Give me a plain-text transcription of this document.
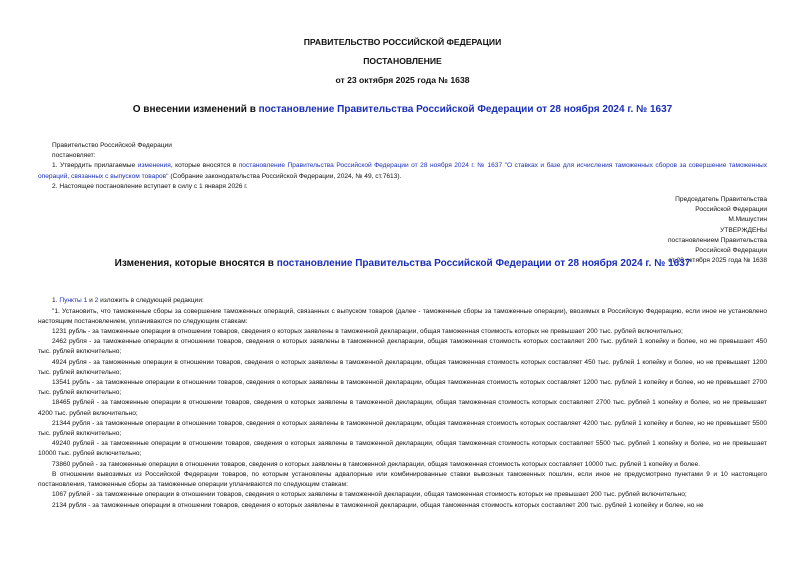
ПРАВИТЕЛЬСТВО РОССИЙСКОЙ ФЕДЕРАЦИИ
ПОСТАНОВЛЕНИЕ
от 23 октября 2025 года № 1638
О внесении изменений в постановление Правительства Российской Федерации от 28 ноября 2024 г. № 1637

Правительство Российской Федерации

постановляет:

1. Утвердить прилагаемые изменения, которые вносятся в постановление Правительства Российской Федерации от 28 ноября 2024 г. № 1637 "О ставках и базе для исчисления таможенных сборов за совершение таможенных операций, связанных с выпуском товаров" (Собрание законодательства Российской Федерации, 2024, № 49, ст.7613).

2. Настоящее постановление вступает в силу с 1 января 2026 г.

Председатель Правительства
Российской Федерации
М.Мишустин
УТВЕРЖДЕНЫ
постановлением Правительства
Российской Федерации
от 23 октября 2025 года № 1638
Изменения, которые вносятся в постановление Правительства Российской Федерации от 28 ноября 2024 г. № 1637

1. Пункты 1 и 2 изложить в следующей редакции:

"1. Установить, что таможенные сборы за совершение таможенных операций, связанных с выпуском товаров (далее - таможенные сборы за таможенные операции), ввозимых в Российскую Федерацию, если иное не установлено настоящим постановлением, уплачиваются по следующим ставкам:

1231 рубль - за таможенные операции в отношении товаров, сведения о которых заявлены в таможенной декларации, общая таможенная стоимость которых не превышает 200 тыс. рублей включительно;

2462 рубля - за таможенные операции в отношении товаров, сведения о которых заявлены в таможенной декларации, общая таможенная стоимость которых составляет 200 тыс. рублей 1 копейку и более, но не превышает 450 тыс. рублей включительно;

4924 рубля - за таможенные операции в отношении товаров, сведения о которых заявлены в таможенной декларации, общая таможенная стоимость которых составляет 450 тыс. рублей 1 копейку и более, но не превышает 1200 тыс. рублей включительно;

13541 рубль - за таможенные операции в отношении товаров, сведения о которых заявлены в таможенной декларации, общая таможенная стоимость которых составляет 1200 тыс. рублей 1 копейку и более, но не превышает 2700 тыс. рублей включительно;

18465 рублей - за таможенные операции в отношении товаров, сведения о которых заявлены в таможенной декларации, общая таможенная стоимость которых составляет 2700 тыс. рублей 1 копейку и более, но не превышает 4200 тыс. рублей включительно;

21344 рубля - за таможенные операции в отношении товаров, сведения о которых заявлены в таможенной декларации, общая таможенная стоимость которых составляет 4200 тыс. рублей 1 копейку и более, но не превышает 5500 тыс. рублей включительно;

49240 рублей - за таможенные операции в отношении товаров, сведения о которых заявлены в таможенной декларации, общая таможенная стоимость которых составляет 5500 тыс. рублей 1 копейку и более, но не превышает 10000 тыс. рублей включительно;

73860 рублей - за таможенные операции в отношении товаров, сведения о которых заявлены в таможенной декларации, общая таможенная стоимость которых составляет 10000 тыс. рублей 1 копейку и более.

В отношении вывозимых из Российской Федерации товаров, по которым установлены адвалорные или комбинированные ставки вывозных таможенных пошлин, если иное не предусмотрено пунктами 9 и 10 настоящего постановления, таможенные сборы за таможенные операции уплачиваются по следующим ставкам:

1067 рублей - за таможенные операции в отношении товаров, сведения о которых заявлены в таможенной декларации, общая таможенная стоимость которых не превышает 200 тыс. рублей включительно;

2134 рубля - за таможенные операции в отношении товаров, сведения о которых заявлены в таможенной декларации, общая таможенная стоимость которых составляет 200 тыс. рублей 1 копейку и более, но не
